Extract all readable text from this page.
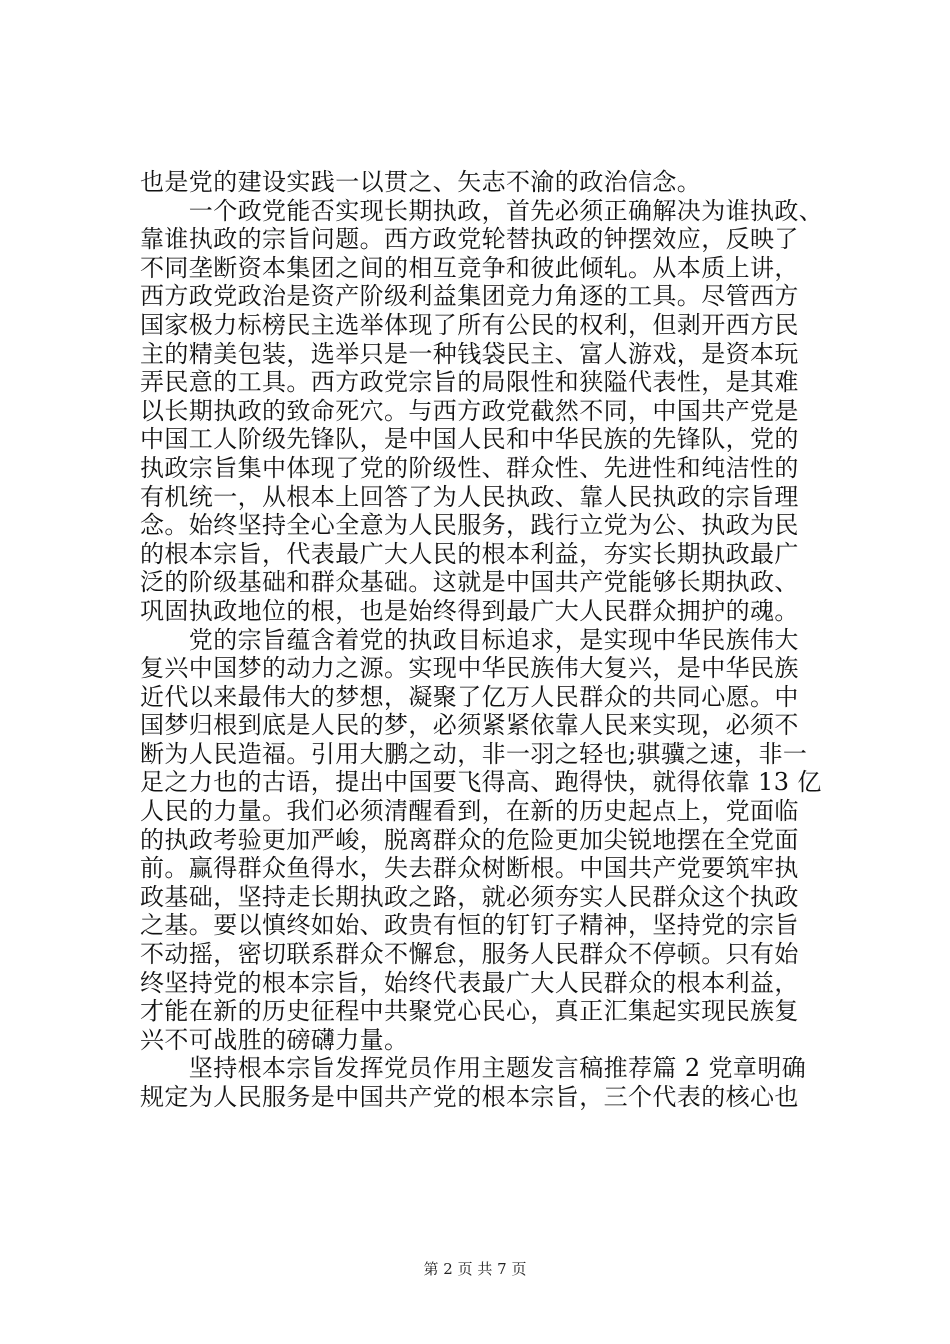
也是党的建设实践一以贯之、矢志不渝的政治信念。
　　一个政党能否实现长期执政，首先必须正确解决为谁执政、
靠谁执政的宗旨问题。西方政党轮替执政的钟摆效应，反映了
不同垄断资本集团之间的相互竞争和彼此倾轧。从本质上讲，
西方政党政治是资产阶级利益集团竞力角逐的工具。尽管西方
国家极力标榜民主选举体现了所有公民的权利，但剥开西方民
主的精美包装，选举只是一种钱袋民主、富人游戏，是资本玩
弄民意的工具。西方政党宗旨的局限性和狭隘代表性，是其难
以长期执政的致命死穴。与西方政党截然不同，中国共产党是
中国工人阶级先锋队，是中国人民和中华民族的先锋队，党的
执政宗旨集中体现了党的阶级性、群众性、先进性和纯洁性的
有机统一，从根本上回答了为人民执政、靠人民执政的宗旨理
念。始终坚持全心全意为人民服务，践行立党为公、执政为民
的根本宗旨，代表最广大人民的根本利益，夯实长期执政最广
泛的阶级基础和群众基础。这就是中国共产党能够长期执政、
巩固执政地位的根，也是始终得到最广大人民群众拥护的魂。
　　党的宗旨蕴含着党的执政目标追求，是实现中华民族伟大
复兴中国梦的动力之源。实现中华民族伟大复兴，是中华民族
近代以来最伟大的梦想，凝聚了亿万人民群众的共同心愿。中
国梦归根到底是人民的梦，必须紧紧依靠人民来实现，必须不
断为人民造福。引用大鹏之动，非一羽之轻也;骐骥之速，非一
足之力也的古语，提出中国要飞得高、跑得快，就得依靠 13 亿
人民的力量。我们必须清醒看到，在新的历史起点上，党面临
的执政考验更加严峻，脱离群众的危险更加尖锐地摆在全党面
前。赢得群众鱼得水，失去群众树断根。中国共产党要筑牢执
政基础，坚持走长期执政之路，就必须夯实人民群众这个执政
之基。要以慎终如始、政贵有恒的钉钉子精神，坚持党的宗旨
不动摇，密切联系群众不懈怠，服务人民群众不停顿。只有始
终坚持党的根本宗旨，始终代表最广大人民群众的根本利益，
才能在新的历史征程中共聚党心民心，真正汇集起实现民族复
兴不可战胜的磅礴力量。
　　坚持根本宗旨发挥党员作用主题发言稿推荐篇 2 党章明确
规定为人民服务是中国共产党的根本宗旨，三个代表的核心也
第 2 页 共 7 页
